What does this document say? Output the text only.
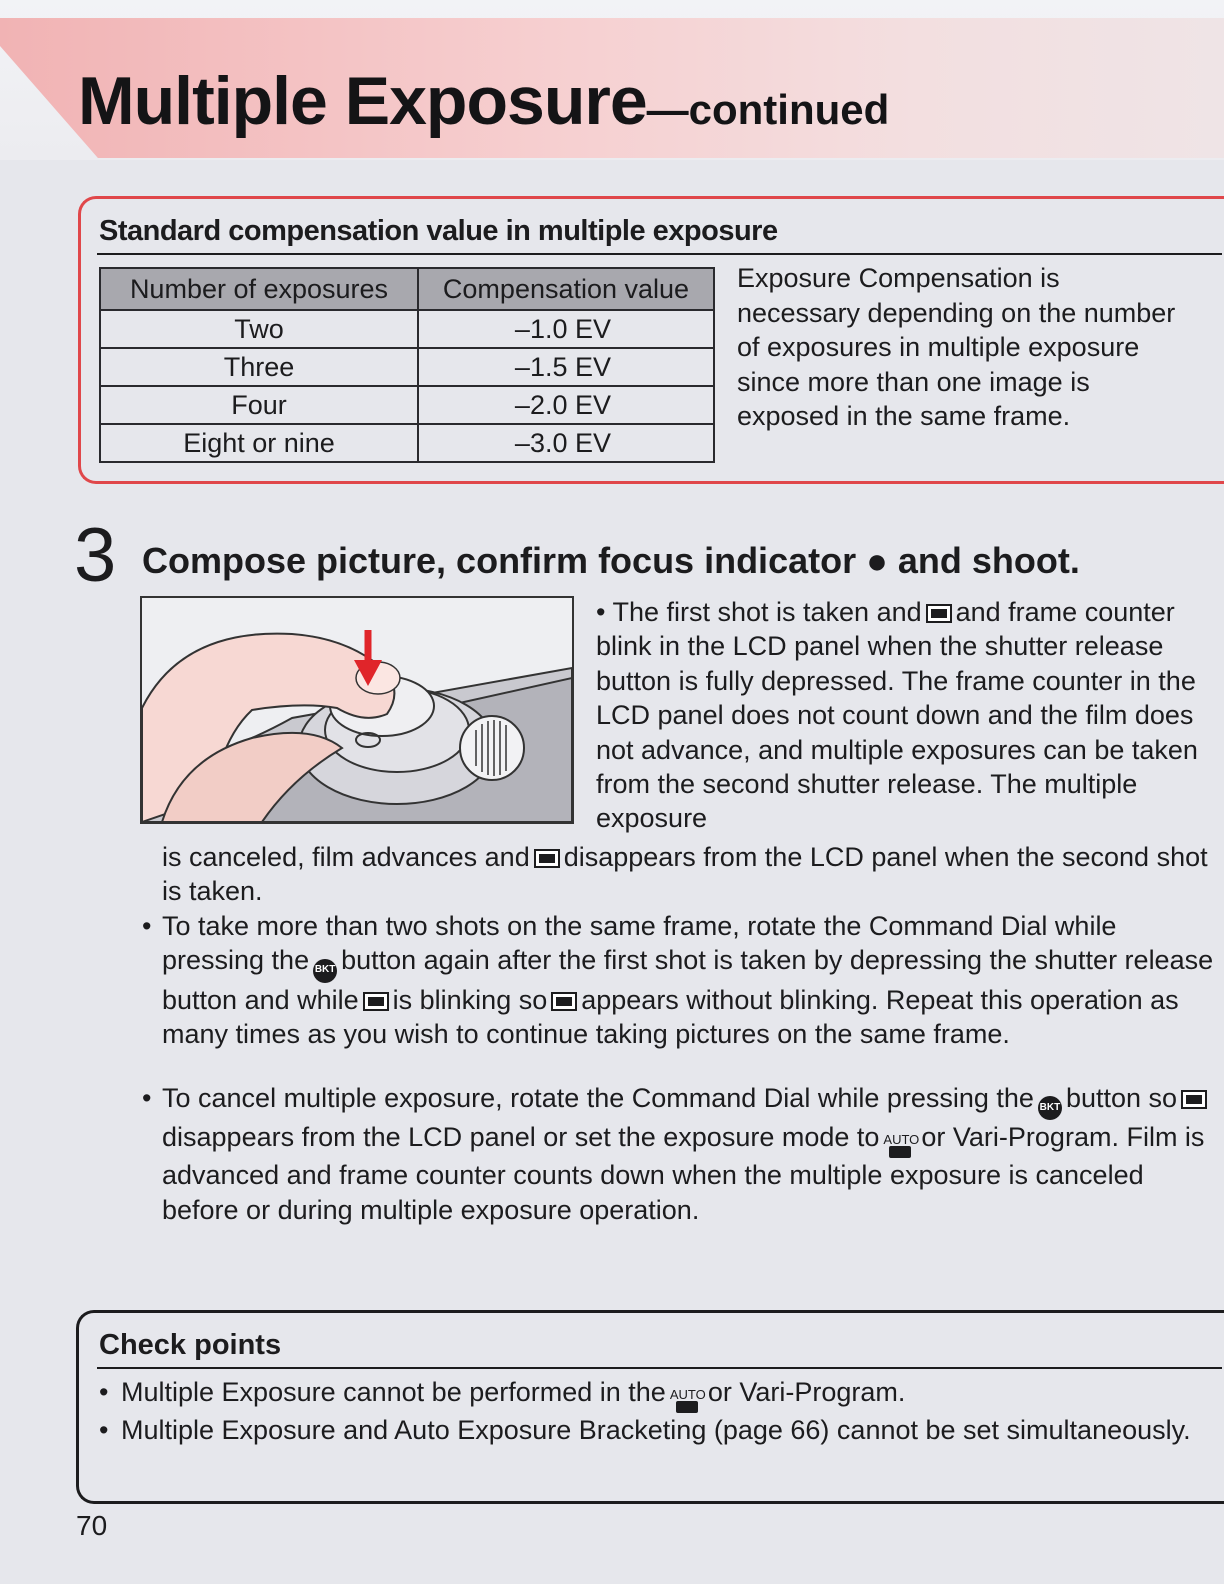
Multiple Exposure—continued
Standard compensation value in multiple exposure
Number of exposures	Compensation value
Two	–1.0 EV
Three	–1.5 EV
Four	–2.0 EV
Eight or nine	–3.0 EV
Exposure Compensation is necessary depending on the number of exposures in multiple exposure since more than one image is exposed in the same frame.
3 Compose picture, confirm focus indicator ● and shoot.
• The first shot is taken and and frame counter blink in the LCD panel when the shutter release button is fully depressed. The frame counter in the LCD panel does not count down and the film does not advance, and multiple exposures can be taken from the second shutter release. The multiple exposure
is canceled, film advances and disappears from the LCD panel when the second shot is taken.
• To take more than two shots on the same frame, rotate the Command Dial while pressing the BKT button again after the first shot is taken by depressing the shutter release button and while is blinking so appears without blinking. Repeat this operation as many times as you wish to continue taking pictures on the same frame.
• To cancel multiple exposure, rotate the Command Dial while pressing the BKT button sodisappears from the LCD panel or set the exposure mode to AUTO
or Vari-Program. Film is advanced and frame counter counts down when the multiple exposure is canceled before or during multiple exposure operation.
Check points
• Multiple Exposure cannot be performed in the AUTO
or Vari-Program.
• Multiple Exposure and Auto Exposure Bracketing (page 66) cannot be set simultaneously.
70
